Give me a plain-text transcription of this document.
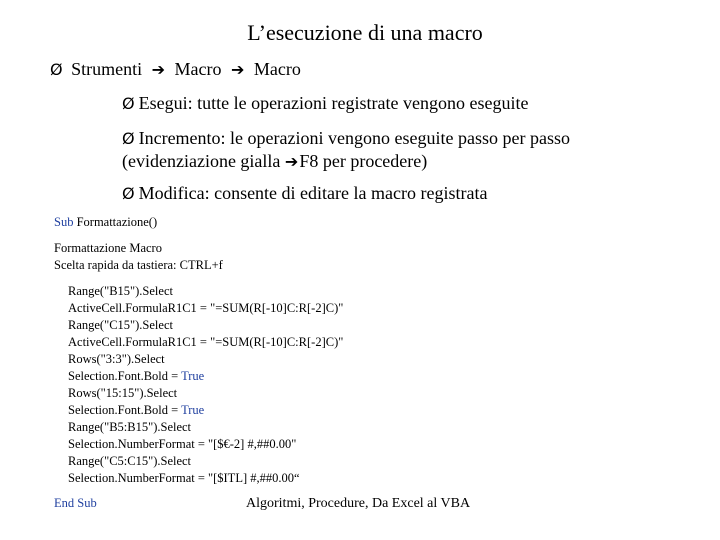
L’esecuzione di una macro
Ø Strumenti ➔ Macro ➔ Macro
Ø Esegui: tutte le operazioni registrate vengono eseguite
Ø Incremento: le operazioni vengono eseguite passo per passo
(evidenziazione gialla ➔F8 per procedere)
Ø Modifica: consente di editare la macro registrata
Sub Formattazione()
Formattazione Macro
Scelta rapida da tastiera: CTRL+f
Range("B15").Select
ActiveCell.FormulaR1C1 = "=SUM(R[-10]C:R[-2]C)"
Range("C15").Select
ActiveCell.FormulaR1C1 = "=SUM(R[-10]C:R[-2]C)"
Rows("3:3").Select
Selection.Font.Bold = True
Rows("15:15").Select
Selection.Font.Bold = True
Range("B5:B15").Select
Selection.NumberFormat = "[$€-2] #,##0.00"
Range("C5:C15").Select
Selection.NumberFormat = "[$ITL] #,##0.00“
End Sub	Algoritmi, Procedure, Da Excel al VBA
